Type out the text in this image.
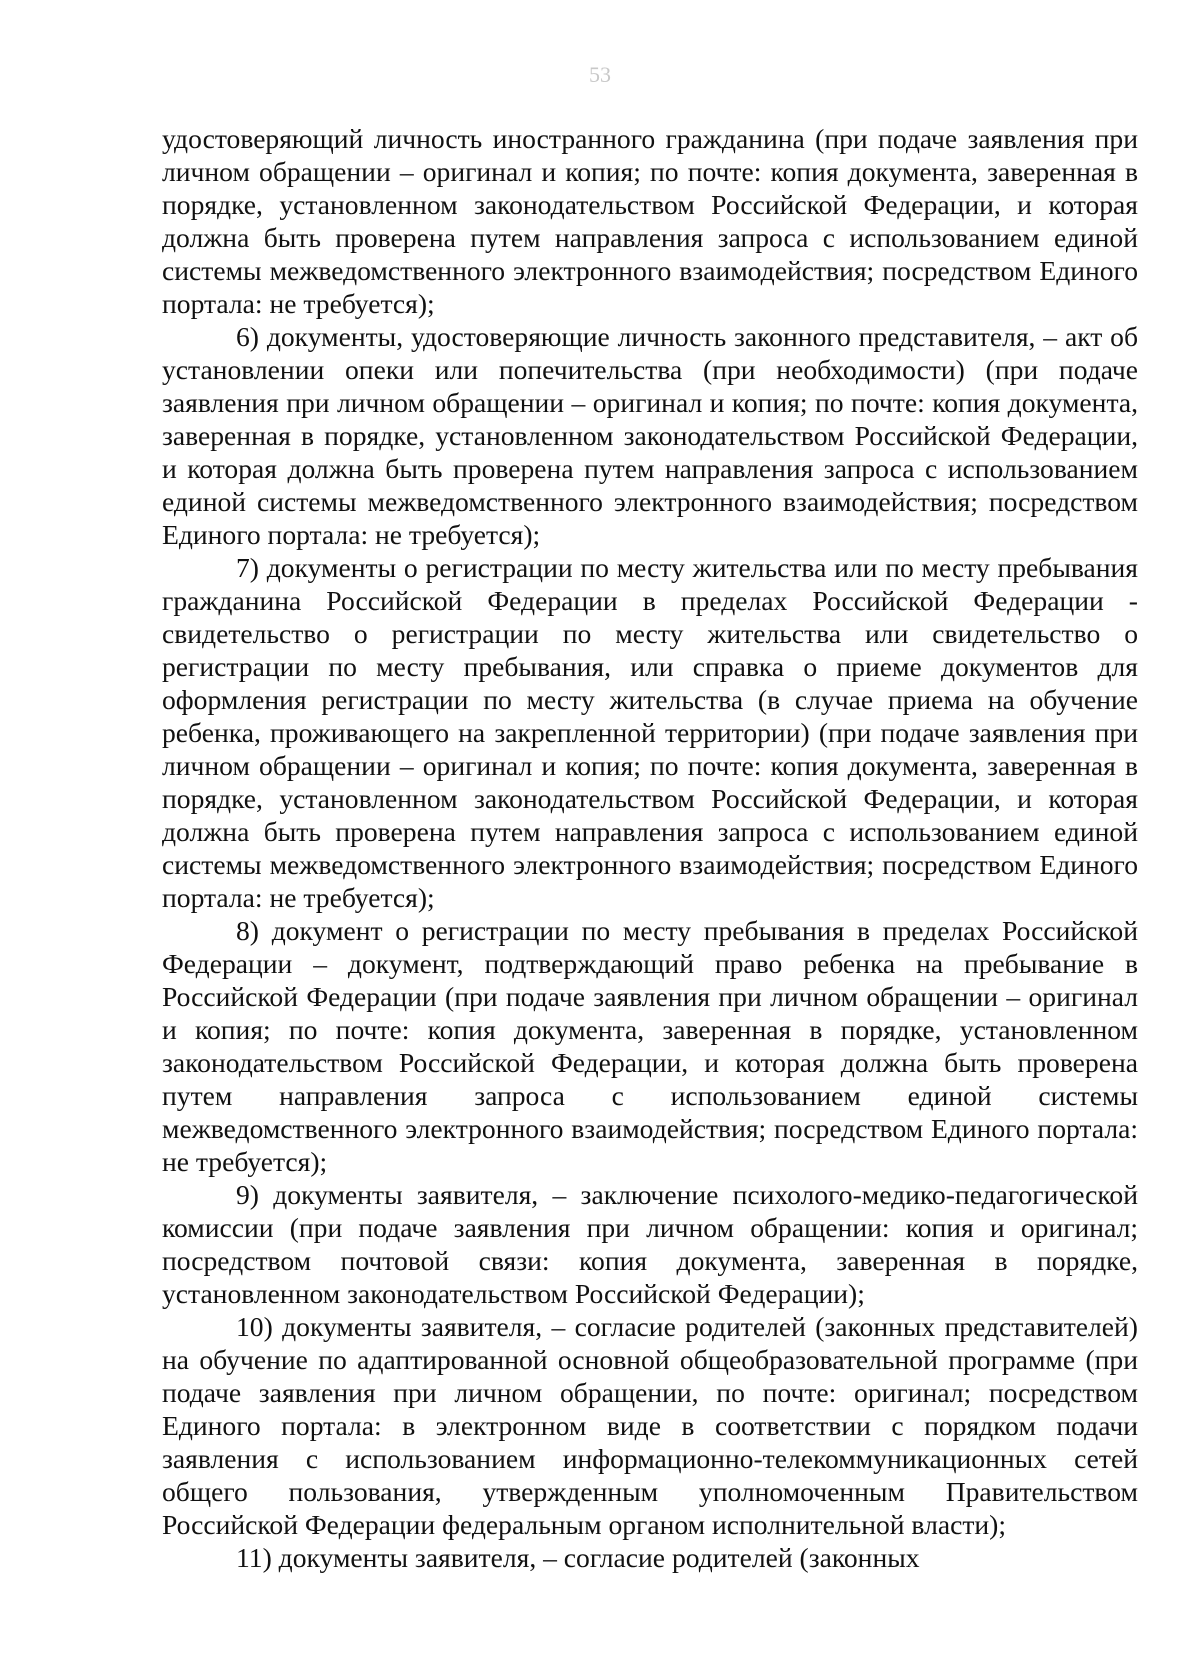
53

удостоверяющий личность иностранного гражданина (при подаче заявления при личном обращении – оригинал и копия; по почте: копия документа, заверенная в порядке, установленном законодательством Российской Федерации, и которая должна быть проверена путем направления запроса с использованием единой системы межведомственного электронного взаимодействия; посредством Единого портала: не требуется);

6) документы, удостоверяющие личность законного представителя, – акт об установлении опеки или попечительства (при необходимости) (при подаче заявления при личном обращении – оригинал и копия; по почте: копия документа, заверенная в порядке, установленном законодательством Российской Федерации, и которая должна быть проверена путем направления запроса с использованием единой системы межведомственного электронного взаимодействия; посредством Единого портала: не требуется);

7) документы о регистрации по месту жительства или по месту пребывания гражданина Российской Федерации в пределах Российской Федерации - свидетельство о регистрации по месту жительства или свидетельство о регистрации по месту пребывания, или справка о приеме документов для оформления регистрации по месту жительства (в случае приема на обучение ребенка, проживающего на закрепленной территории) (при подаче заявления при личном обращении – оригинал и копия; по почте: копия документа, заверенная в порядке, установленном законодательством Российской Федерации, и которая должна быть проверена путем направления запроса с использованием единой системы межведомственного электронного взаимодействия; посредством Единого портала: не требуется);

8) документ о регистрации по месту пребывания в пределах Российской Федерации – документ, подтверждающий право ребенка на пребывание в Российской Федерации (при подаче заявления при личном обращении – оригинал и копия; по почте: копия документа, заверенная в порядке, установленном законодательством Российской Федерации, и которая должна быть проверена путем направления запроса с использованием единой системы межведомственного электронного взаимодействия; посредством Единого портала: не требуется);

9) документы заявителя, – заключение психолого-медико-педагогической комиссии (при подаче заявления при личном обращении: копия и оригинал; посредством почтовой связи: копия документа, заверенная в порядке, установленном законодательством Российской Федерации);

10) документы заявителя, – согласие родителей (законных представителей) на обучение по адаптированной основной общеобразовательной программе (при подаче заявления при личном обращении, по почте: оригинал; посредством Единого портала: в электронном виде в соответствии с порядком подачи заявления с использованием информационно-телекоммуникационных сетей общего пользования, утвержденным уполномоченным Правительством Российской Федерации федеральным органом исполнительной власти);

11) документы заявителя, – согласие родителей (законных
